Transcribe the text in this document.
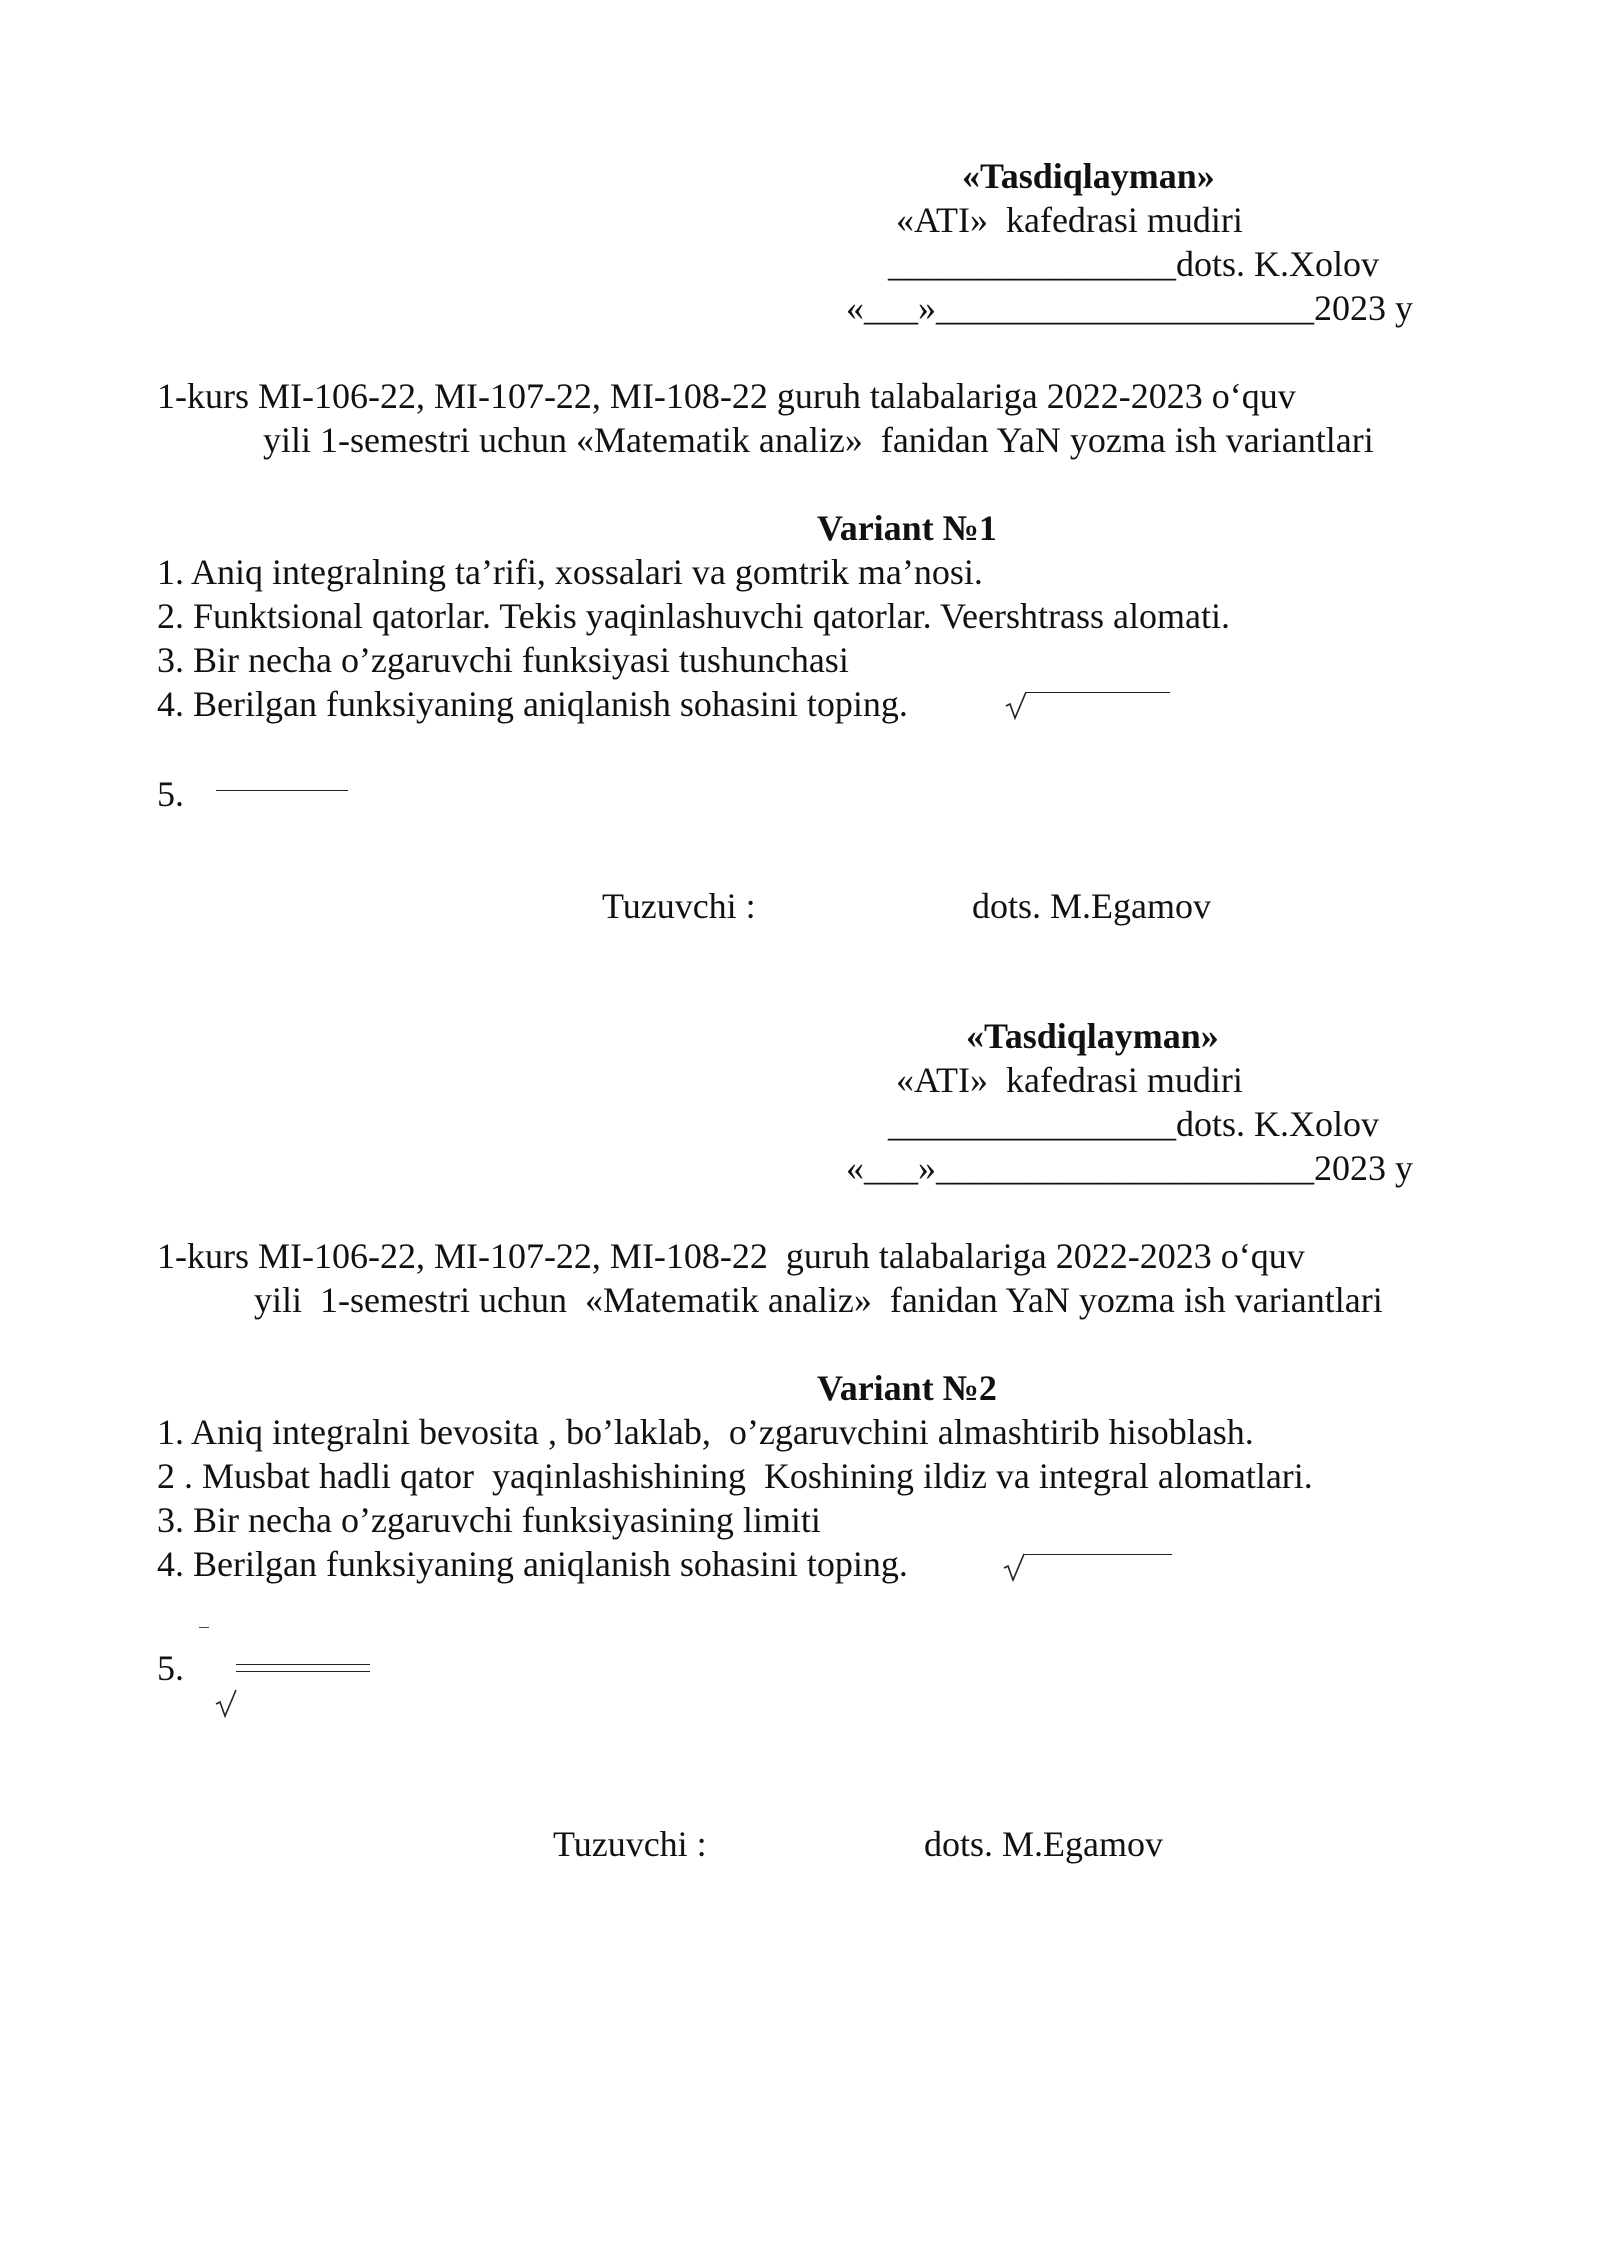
«Tasdiqlayman»
«ATI»  kafedrasi mudiri
________________dots. K.Xolov
«___»_____________________2023 y
1-kurs MI-106-22, MI-107-22, MI-108-22 guruh talabalariga 2022-2023 o‘quv
yili 1-semestri uchun «Matematik analiz»  fanidan YaN yozma ish variantlari
Variant №1
1. Aniq integralning ta’rifi, xossalari va gomtrik ma’nosi.
2. Funktsional qatorlar. Tekis yaqinlashuvchi qatorlar. Veershtrass alomati.
3. Bir necha o’zgaruvchi funksiyasi tushunchasi
4. Berilgan funksiyaning aniqlanish sohasini toping.
5.
Tuzuvchi :	dots. M.Egamov
«Tasdiqlayman»
«ATI»  kafedrasi mudiri
________________dots. K.Xolov
«___»_____________________2023 y
1-kurs MI-106-22, MI-107-22, MI-108-22  guruh talabalariga 2022-2023 o‘quv
yili  1-semestri uchun  «Matematik analiz»  fanidan YaN yozma ish variantlari
Variant №2
1. Aniq integralni bevosita , bo’laklab,  o’zgaruvchini almashtirib hisoblash.
2 . Musbat hadli qator  yaqinlashishining  Koshining ildiz va integral alomatlari.
3. Bir necha o’zgaruvchi funksiyasining limiti
4. Berilgan funksiyaning aniqlanish sohasini toping.
5.
Tuzuvchi :	dots. M.Egamov
